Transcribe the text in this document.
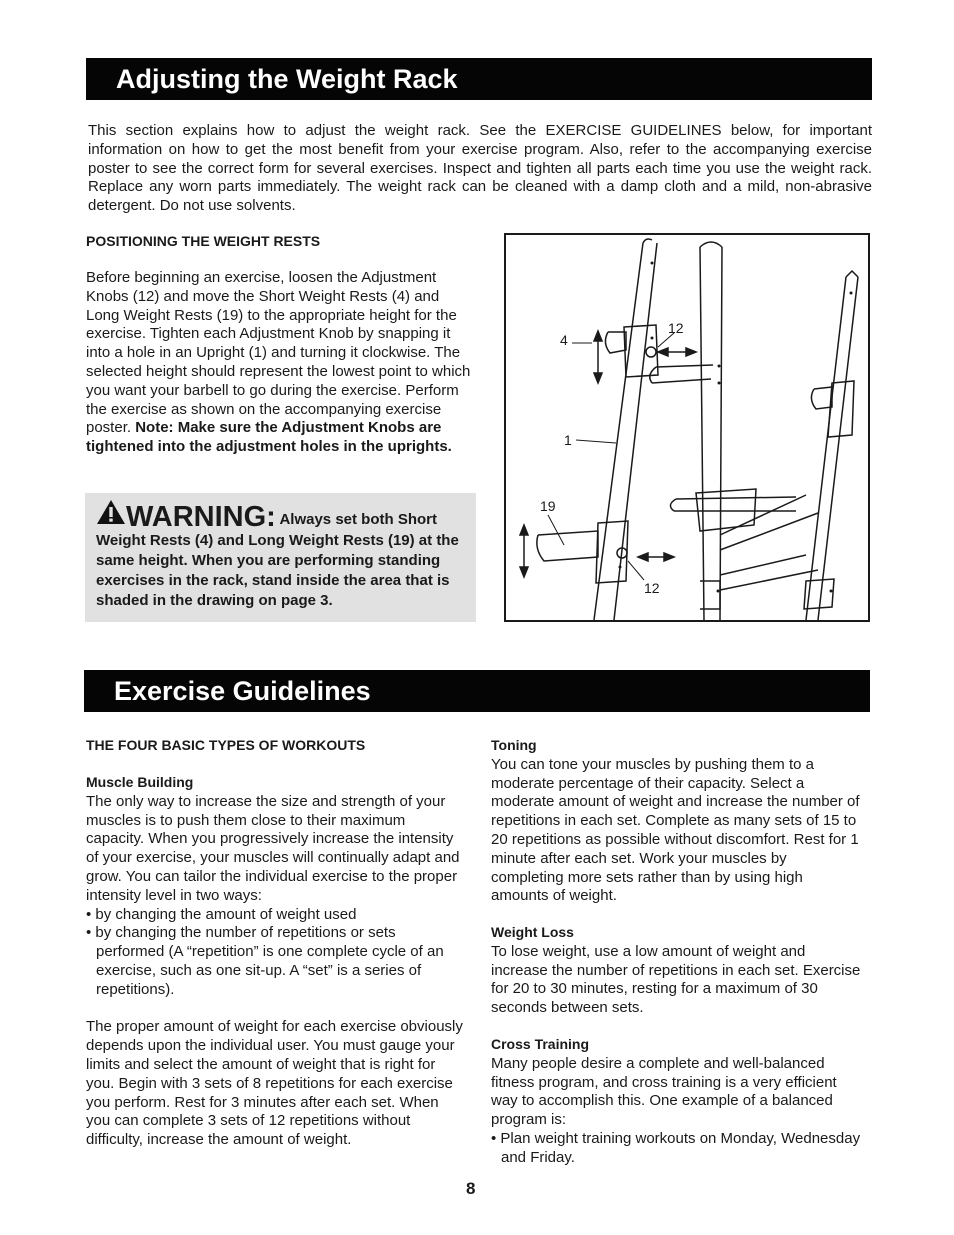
Adjusting the Weight Rack
This section explains how to adjust the weight rack. See the EXERCISE GUIDELINES below, for important information on how to get the most benefit from your exercise program. Also, refer to the accompanying exercise poster to see the correct form for several exercises. Inspect and tighten all parts each time you use the weight rack. Replace any worn parts immediately. The weight rack can be cleaned with a damp cloth and a mild, non-abrasive detergent. Do not use solvents.
POSITIONING THE WEIGHT RESTS
Before beginning an exercise, loosen the Adjustment Knobs (12) and move the Short Weight Rests (4) and Long Weight Rests (19) to the appropriate height for the exercise. Tighten each Adjustment Knob by snapping it into a hole in an Upright (1) and turning it clockwise. The selected height should represent the lowest point to which you want your barbell to go during the exercise. Perform the exercise as shown on the accompanying exercise poster. Note: Make sure the Adjustment Knobs are tightened into the adjustment holes in the uprights.
WARNING: Always set both Short Weight Rests (4) and Long Weight Rests (19) at the same height. When you are performing standing exercises in the rack, stand inside the area that is shaded in the drawing on page 3.
4
12
1
19
12
Exercise Guidelines
THE FOUR BASIC TYPES OF WORKOUTS
Muscle Building
The only way to increase the size and strength of your muscles is to push them close to their maximum capacity. When you progressively increase the intensity of your exercise, your muscles will continually adapt and grow. You can tailor the individual exercise to the proper intensity level in two ways:
• by changing the amount of weight used
• by changing the number of repetitions or sets performed (A “repetition” is one complete cycle of an exercise, such as one sit-up. A “set” is a series of repetitions).
The proper amount of weight for each exercise obviously depends upon the individual user. You must gauge your limits and select the amount of weight that is right for you. Begin with 3 sets of 8 repetitions for each exercise you perform. Rest for 3 minutes after each set. When you can complete 3 sets of 12 repetitions without difficulty, increase the amount of weight.
Toning
You can tone your muscles by pushing them to a moderate percentage of their capacity. Select a moderate amount of weight and increase the number of repetitions in each set. Complete as many sets of 15 to 20 repetitions as possible without discomfort. Rest for 1 minute after each set. Work your muscles by completing more sets rather than by using high amounts of weight.
Weight Loss
To lose weight, use a low amount of weight and increase the number of repetitions in each set. Exercise for 20 to 30 minutes, resting for a maximum of 30 seconds between sets.
Cross Training
Many people desire a complete and well-balanced fitness program, and cross training is a very efficient way to accomplish this. One example of a balanced program is:
• Plan weight training workouts on Monday, Wednesday and Friday.
8
